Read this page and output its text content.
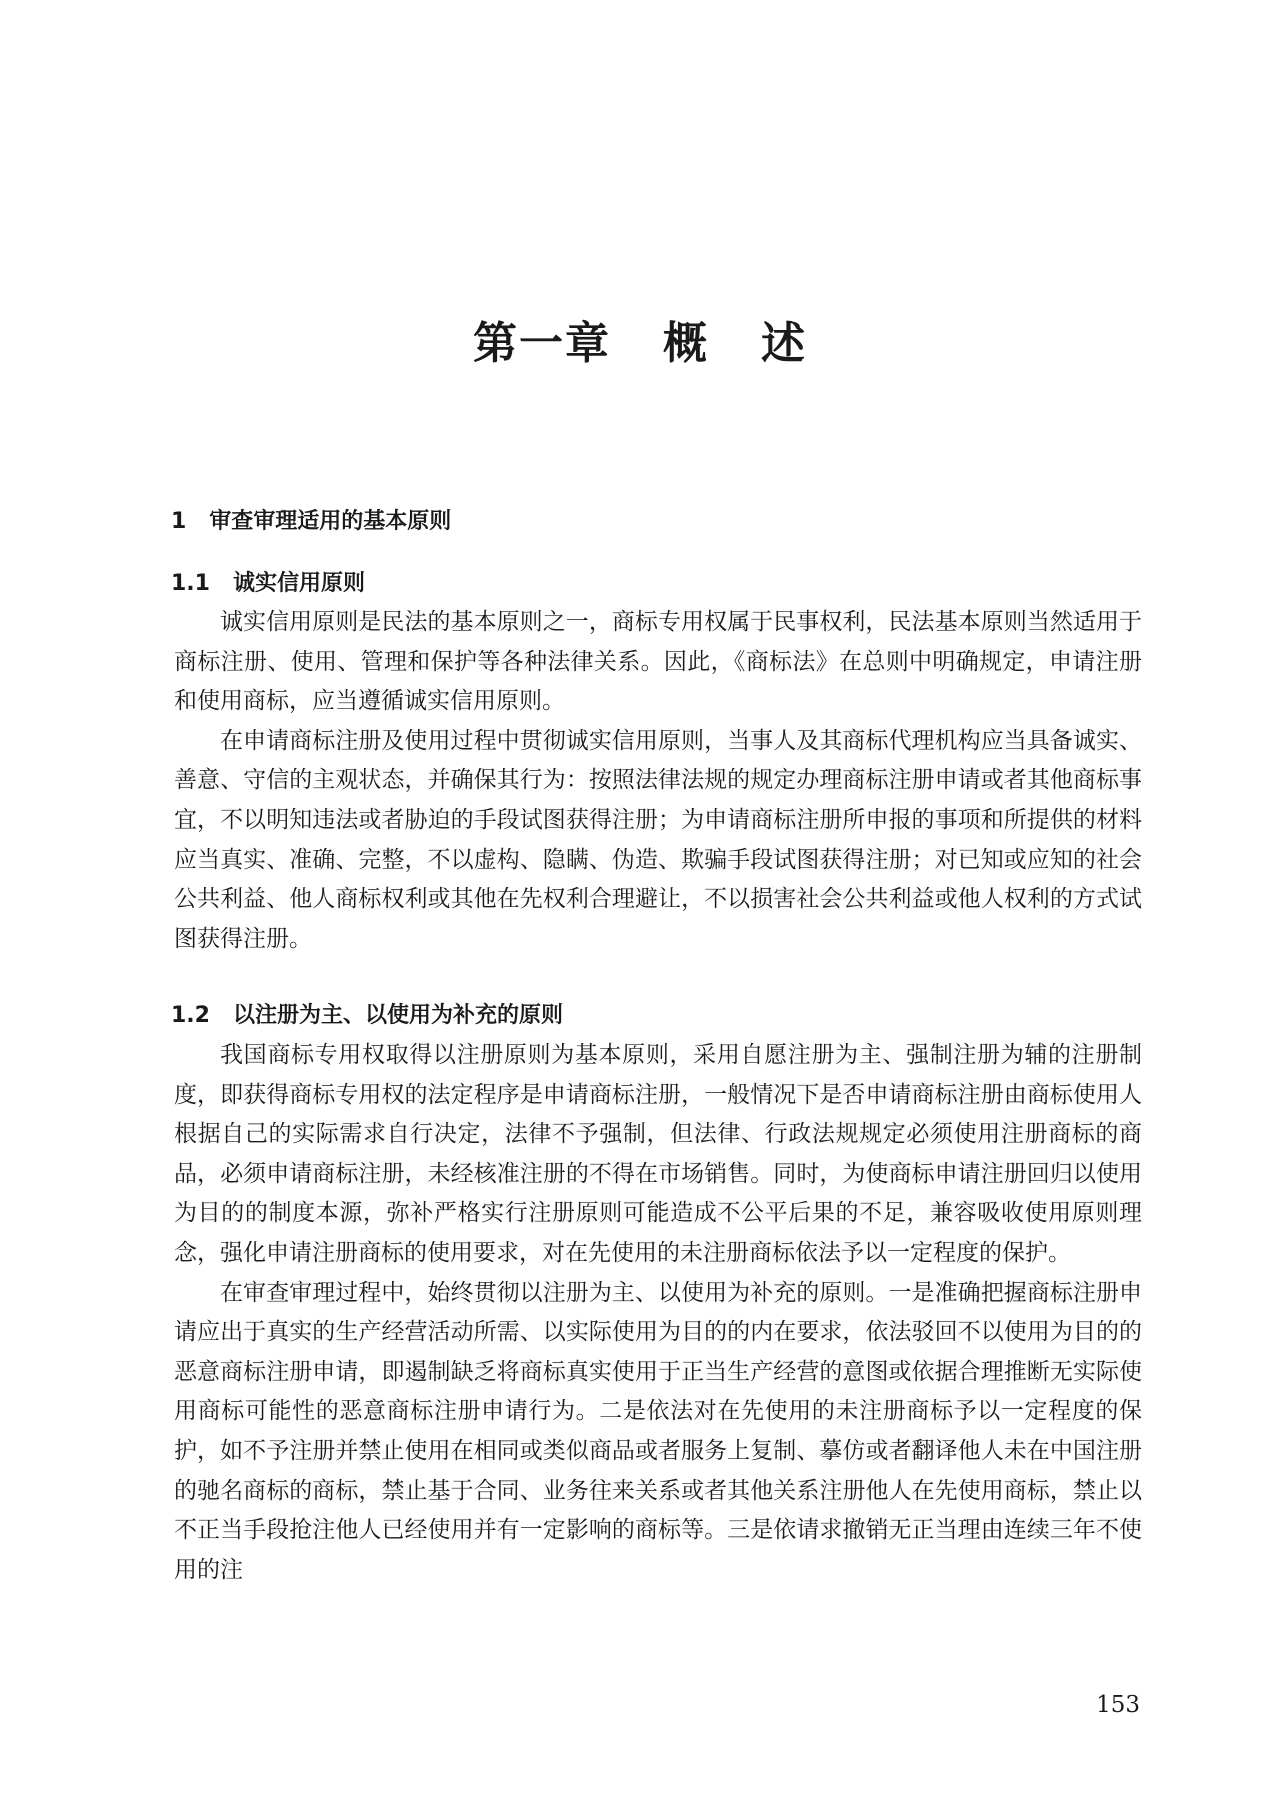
第一章   概   述
1   审查审理适用的基本原则
1.1   诚实信用原则

诚实信用原则是民法的基本原则之一，商标专用权属于民事权利，民法基本原则当然适用于商标注册、使用、管理和保护等各种法律关系。因此，《商标法》在总则中明确规定，申请注册和使用商标，应当遵循诚实信用原则。

在申请商标注册及使用过程中贯彻诚实信用原则，当事人及其商标代理机构应当具备诚实、善意、守信的主观状态，并确保其行为：按照法律法规的规定办理商标注册申请或者其他商标事宜，不以明知违法或者胁迫的手段试图获得注册；为申请商标注册所申报的事项和所提供的材料应当真实、准确、完整，不以虚构、隐瞒、伪造、欺骗手段试图获得注册；对已知或应知的社会公共利益、他人商标权利或其他在先权利合理避让，不以损害社会公共利益或他人权利的方式试图获得注册。

1.2   以注册为主、以使用为补充的原则

我国商标专用权取得以注册原则为基本原则，采用自愿注册为主、强制注册为辅的注册制度，即获得商标专用权的法定程序是申请商标注册，一般情况下是否申请商标注册由商标使用人根据自己的实际需求自行决定，法律不予强制，但法律、行政法规规定必须使用注册商标的商品，必须申请商标注册，未经核准注册的不得在市场销售。同时，为使商标申请注册回归以使用为目的的制度本源，弥补严格实行注册原则可能造成不公平后果的不足，兼容吸收使用原则理念，强化申请注册商标的使用要求，对在先使用的未注册商标依法予以一定程度的保护。

在审查审理过程中，始终贯彻以注册为主、以使用为补充的原则。一是准确把握商标注册申请应出于真实的生产经营活动所需、以实际使用为目的的内在要求，依法驳回不以使用为目的的恶意商标注册申请，即遏制缺乏将商标真实使用于正当生产经营的意图或依据合理推断无实际使用商标可能性的恶意商标注册申请行为。二是依法对在先使用的未注册商标予以一定程度的保护，如不予注册并禁止使用在相同或类似商品或者服务上复制、摹仿或者翻译他人未在中国注册的驰名商标的商标，禁止基于合同、业务往来关系或者其他关系注册他人在先使用商标，禁止以不正当手段抢注他人已经使用并有一定影响的商标等。三是依请求撤销无正当理由连续三年不使用的注

153
